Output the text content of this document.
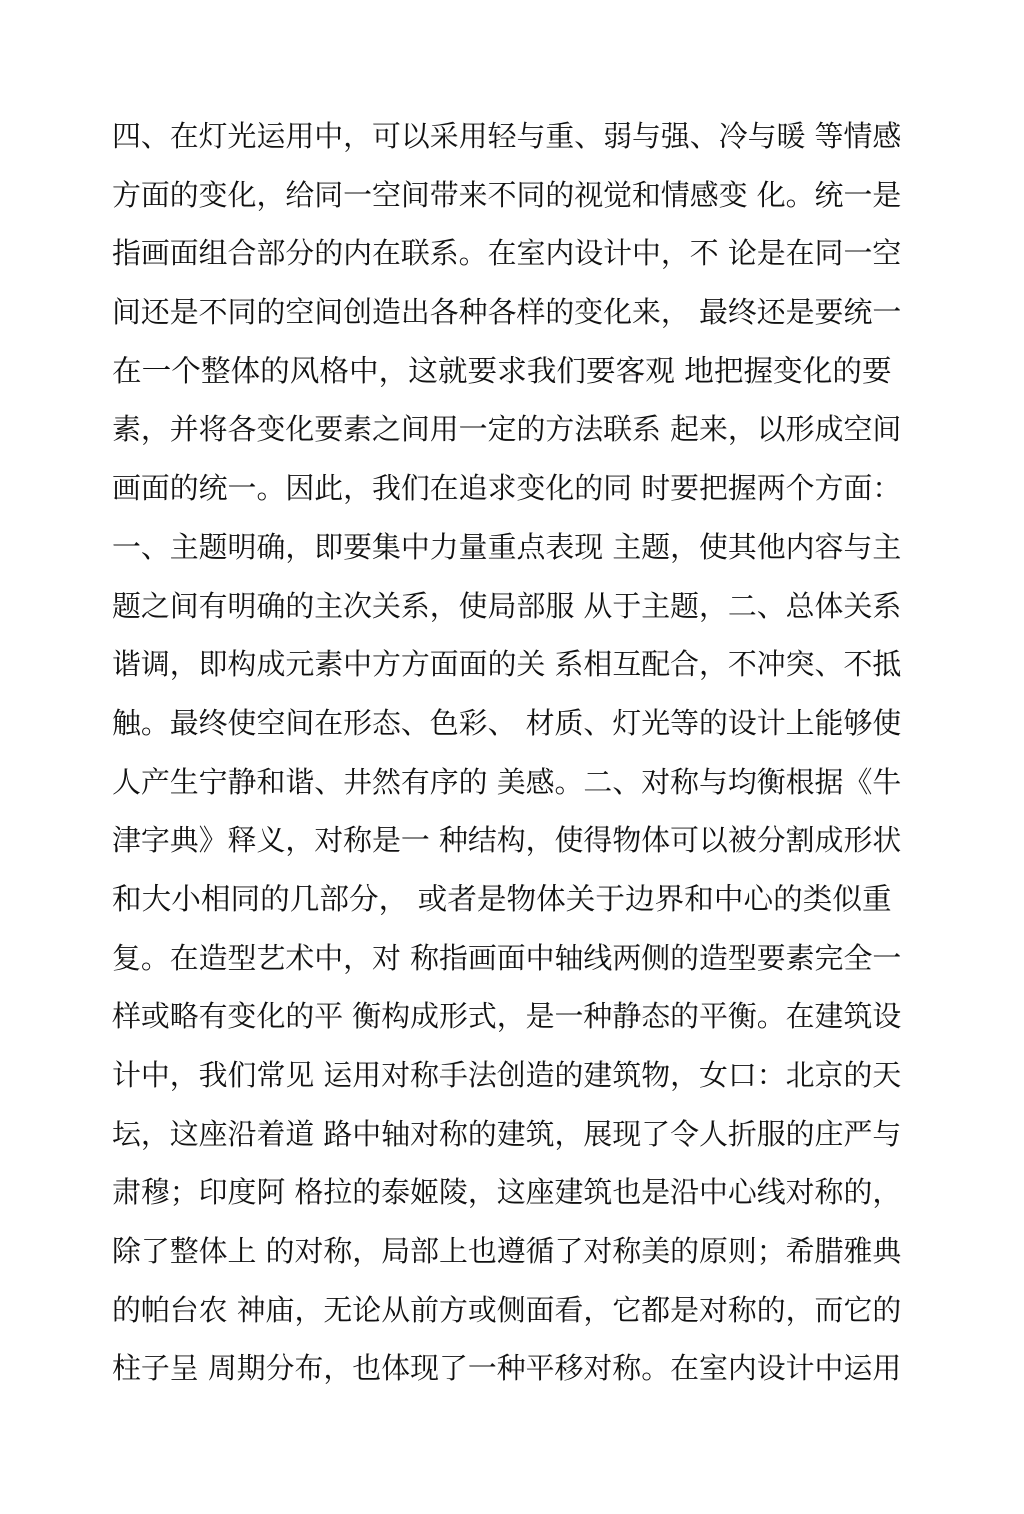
四、在灯光运用中，可以采用轻与重、弱与强、冷与暖 等情感
方面的变化，给同一空间带来不同的视觉和情感变 化。统一是
指画面组合部分的内在联系。在室内设计中，不 论是在同一空
间还是不同的空间创造出各种各样的变化来， 最终还是要统一
在一个整体的风格中，这就要求我们要客观 地把握变化的要
素，并将各变化要素之间用一定的方法联系 起来，以形成空间
画面的统一。因此，我们在追求变化的同 时要把握两个方面：
一、主题明确，即要集中力量重点表现 主题，使其他内容与主
题之间有明确的主次关系，使局部服 从于主题，二、总体关系
谐调，即构成元素中方方面面的关 系相互配合，不冲突、不抵
触。最终使空间在形态、色彩、 材质、灯光等的设计上能够使
人产生宁静和谐、井然有序的 美感。二、对称与均衡根据《牛
津字典》释义，对称是一 种结构，使得物体可以被分割成形状
和大小相同的几部分， 或者是物体关于边界和中心的类似重
复。在造型艺术中，对 称指画面中轴线两侧的造型要素完全一
样或略有变化的平 衡构成形式，是一种静态的平衡。在建筑设
计中，我们常见 运用对称手法创造的建筑物，女口：北京的天
坛，这座沿着道 路中轴对称的建筑，展现了令人折服的庄严与
肃穆；印度阿 格拉的泰姬陵，这座建筑也是沿中心线对称的，
除了整体上 的对称，局部上也遵循了对称美的原则；希腊雅典
的帕台农 神庙，无论从前方或侧面看，它都是对称的，而它的
柱子呈 周期分布，也体现了一种平移对称。在室内设计中运用
